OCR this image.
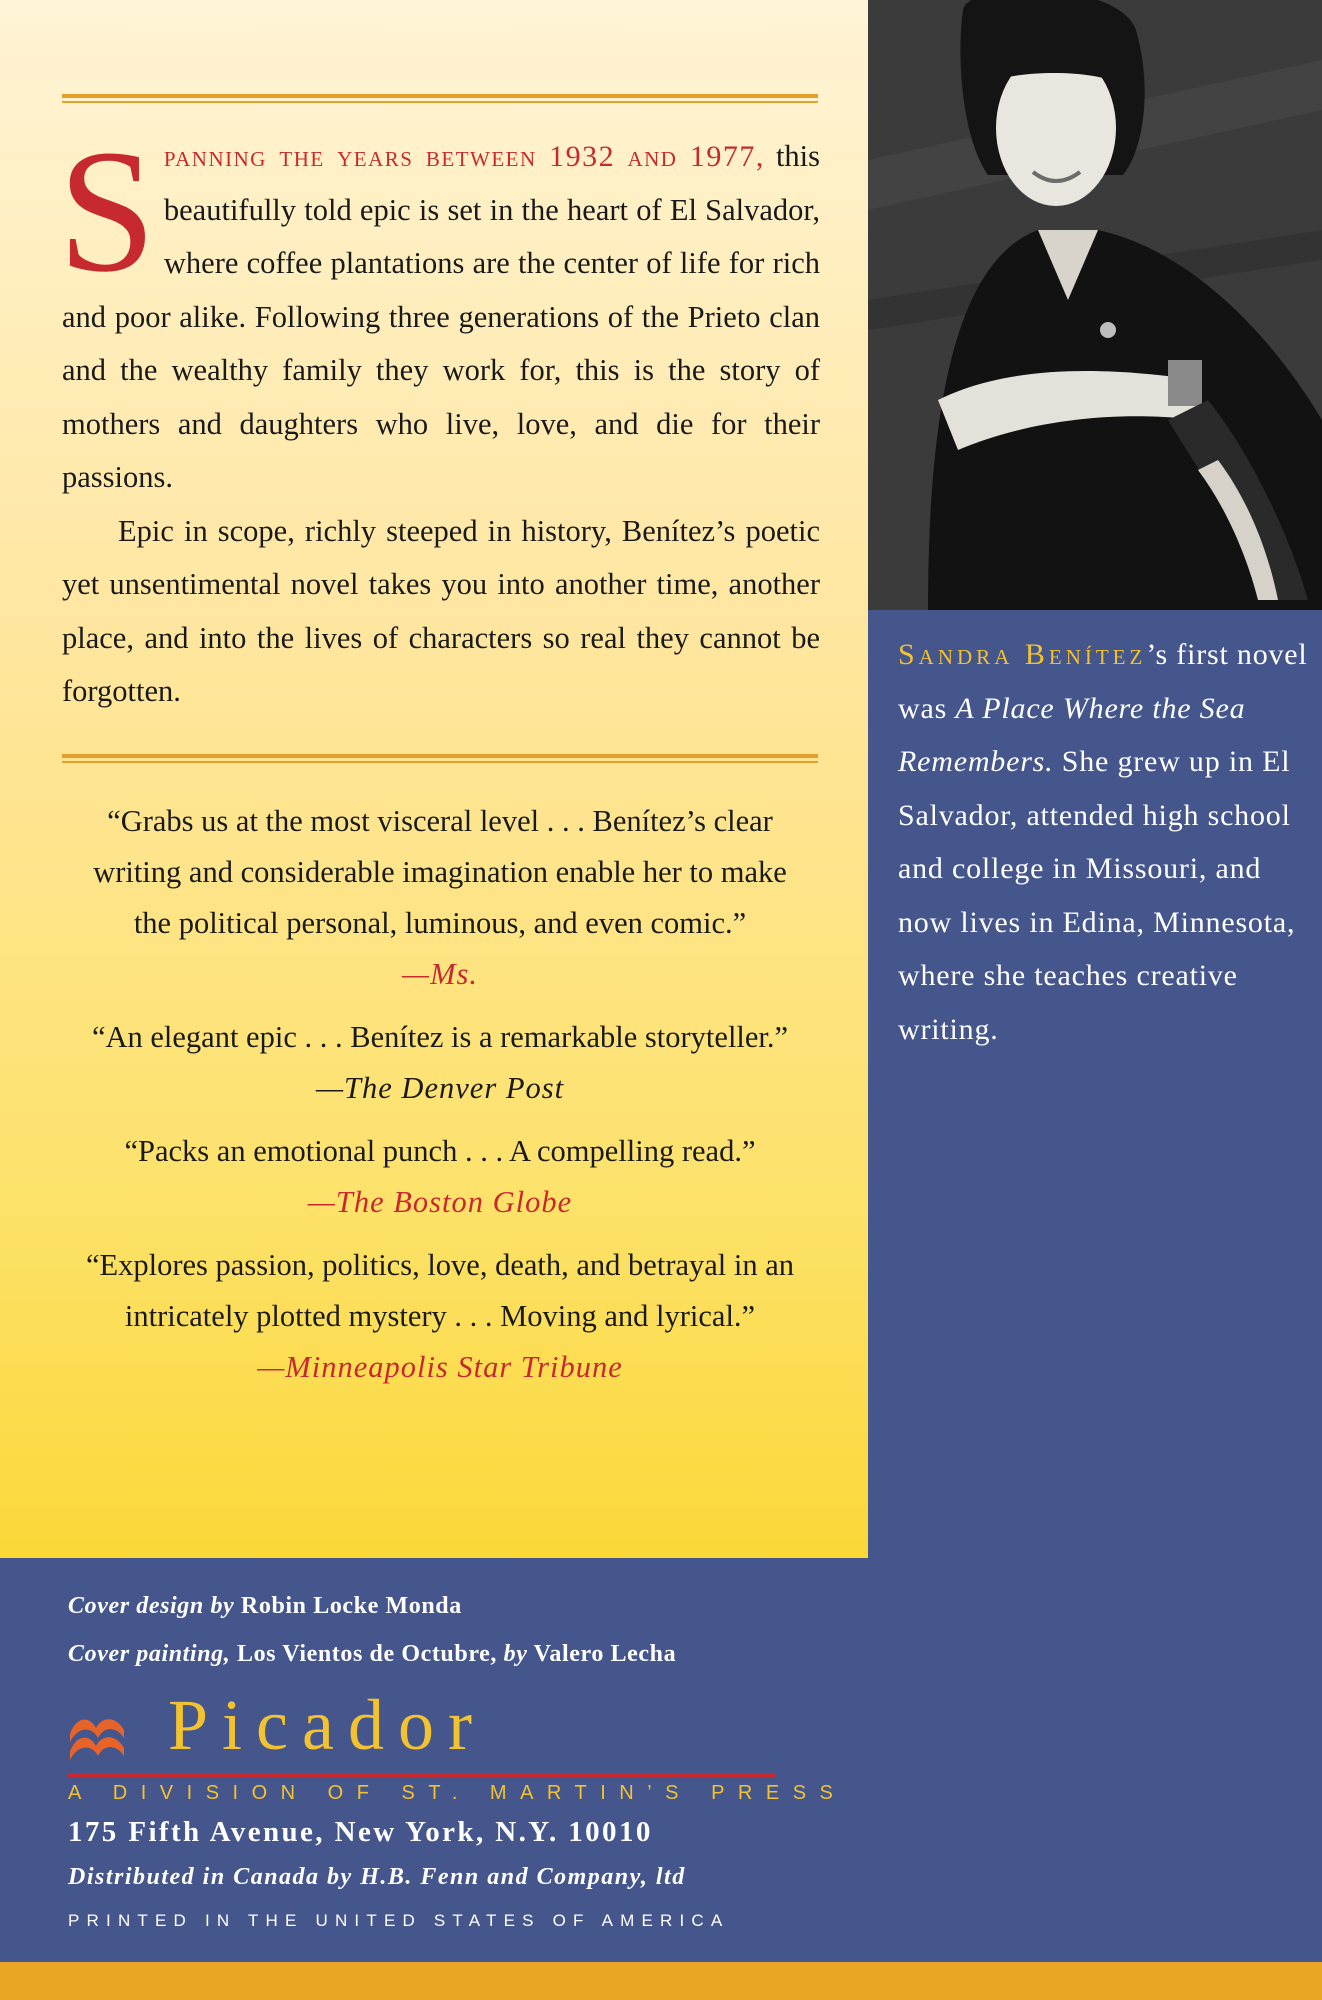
S panning the years between 1932 and 1977, this beautifully told epic is set in the heart of El Salvador, where coffee plantations are the center of life for rich and poor alike. Following three generations of the Prieto clan and the wealthy family they work for, this is the story of mothers and daughters who live, love, and die for their passions.

Epic in scope, richly steeped in history, Benítez’s poetic yet unsentimental novel takes you into another time, another place, and into the lives of characters so real they cannot be forgotten.

“Grabs us at the most visceral level . . . Benítez’s clear writing and considerable imagination enable her to make the political personal, luminous, and even comic.”
—Ms.
“An elegant epic . . . Benítez is a remarkable storyteller.”
—The Denver Post
“Packs an emotional punch . . . A compelling read.”
—The Boston Globe
“Explores passion, politics, love, death, and betrayal in an intricately plotted mystery . . . Moving and lyrical.”
—Minneapolis Star Tribune
Sandra Benítez’s first novel was A Place Where the Sea Remembers. She grew up in El Salvador, attended high school and college in Missouri, and now lives in Edina, Minnesota, where she teaches creative writing.
Cover design by Robin Locke Monda
Cover painting, Los Vientos de Octubre, by Valero Lecha
Picador
A DIVISION OF ST. MARTIN’S PRESS
175 Fifth Avenue, New York, N.Y. 10010
Distributed in Canada by H.B. Fenn and Company, ltd
PRINTED IN THE UNITED STATES OF AMERICA
